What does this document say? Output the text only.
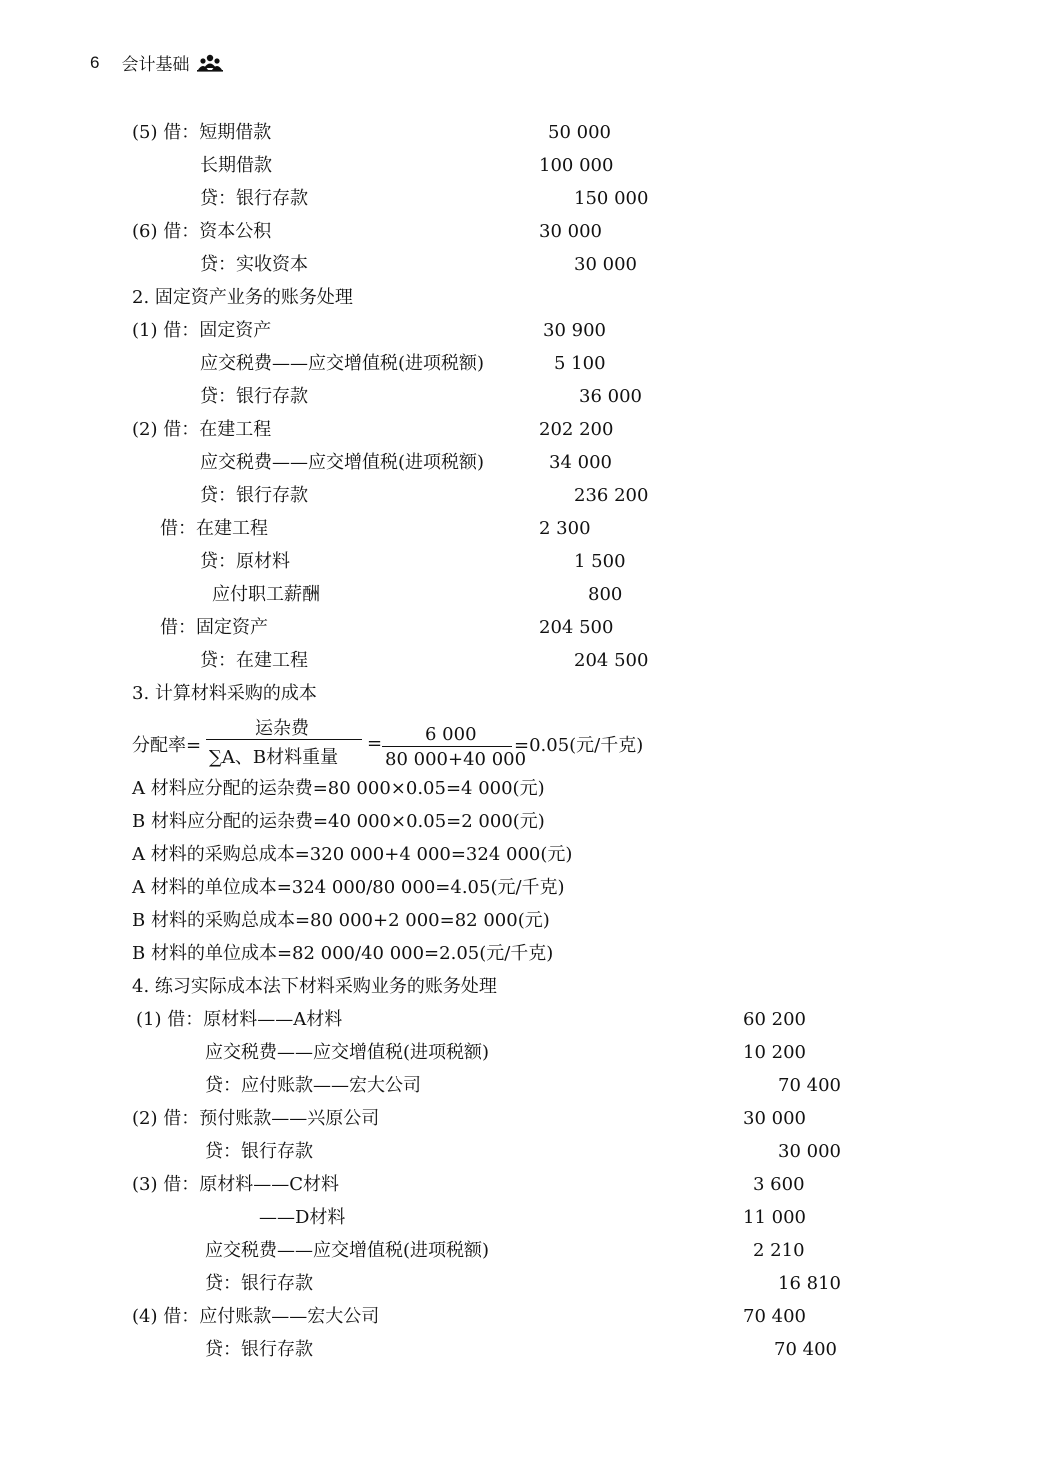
6 会计基础
(5) 借：短期借款	50 000
长期借款	100 000
贷：银行存款	150 000
(6) 借：资本公积	30 000
贷：实收资本	30 000
2. 固定资产业务的账务处理
(1) 借：固定资产	30 900
应交税费——应交增值税(进项税额)	5 100
贷：银行存款	36 000
(2) 借：在建工程	202 200
应交税费——应交增值税(进项税额)	34 000
贷：银行存款	236 200
借：在建工程	2 300
贷：原材料	1 500
应付职工薪酬	800
借：固定资产	204 500
贷：在建工程	204 500
3. 计算材料采购的成本
分配率=
运杂费
∑A、B材料重量
= 6 000
80 000+40 000
=0.05(元/千克)
A 材料应分配的运杂费=80 000×0.05=4 000(元)
B 材料应分配的运杂费=40 000×0.05=2 000(元)
A 材料的采购总成本=320 000+4 000=324 000(元)
A 材料的单位成本=324 000/80 000=4.05(元/千克)
B 材料的采购总成本=80 000+2 000=82 000(元)
B 材料的单位成本=82 000/40 000=2.05(元/千克)
4. 练习实际成本法下材料采购业务的账务处理
(1) 借：原材料——A材料	60 200
应交税费——应交增值税(进项税额)	10 200
贷：应付账款——宏大公司	70 400
(2) 借：预付账款——兴原公司	30 000
贷：银行存款	30 000
(3) 借：原材料——C材料	3 600
——D材料	11 000
应交税费——应交增值税(进项税额)	2 210
贷：银行存款	16 810
(4) 借：应付账款——宏大公司	70 400
贷：银行存款	70 400
